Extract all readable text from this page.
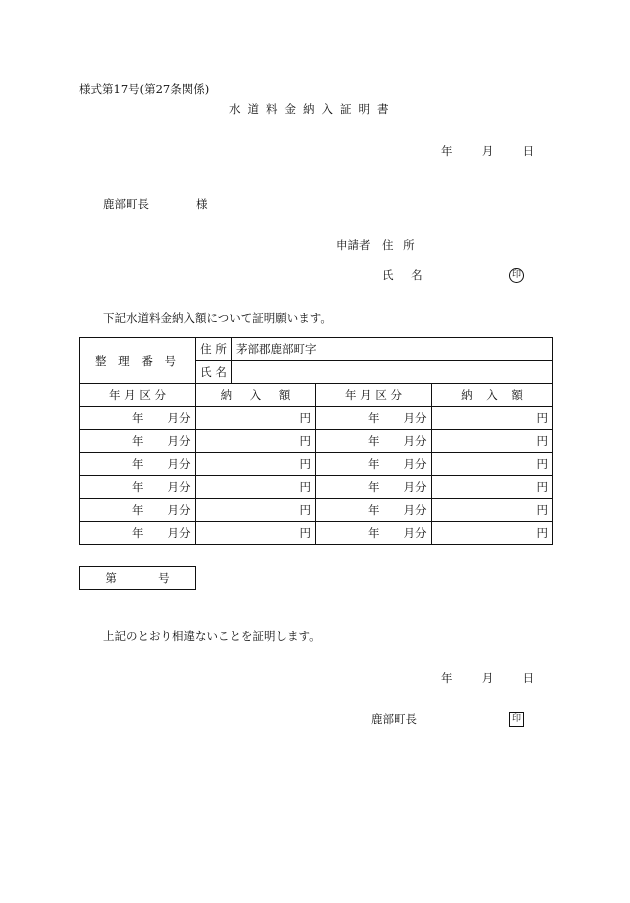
様式第17号(第27条関係)
水道料金納入証明書
年	月	日
鹿部町長	様
申請者 住 所
氏 名	印
下記水道料金納入額について証明願います。
整 理 番 号	住 所	茅部郡鹿部町字		
	氏 名			
年 月 区 分	納 入 額		年 月 区 分	納 入 額
年 月分	円		年 月分	円
年 月分	円		年 月分	円
年 月分	円		年 月分	円
年 月分	円		年 月分	円
年 月分	円		年 月分	円
年 月分	円		年 月分	円
第	号
上記のとおり相違ないことを証明します。
年	月	日
鹿部町長	印
